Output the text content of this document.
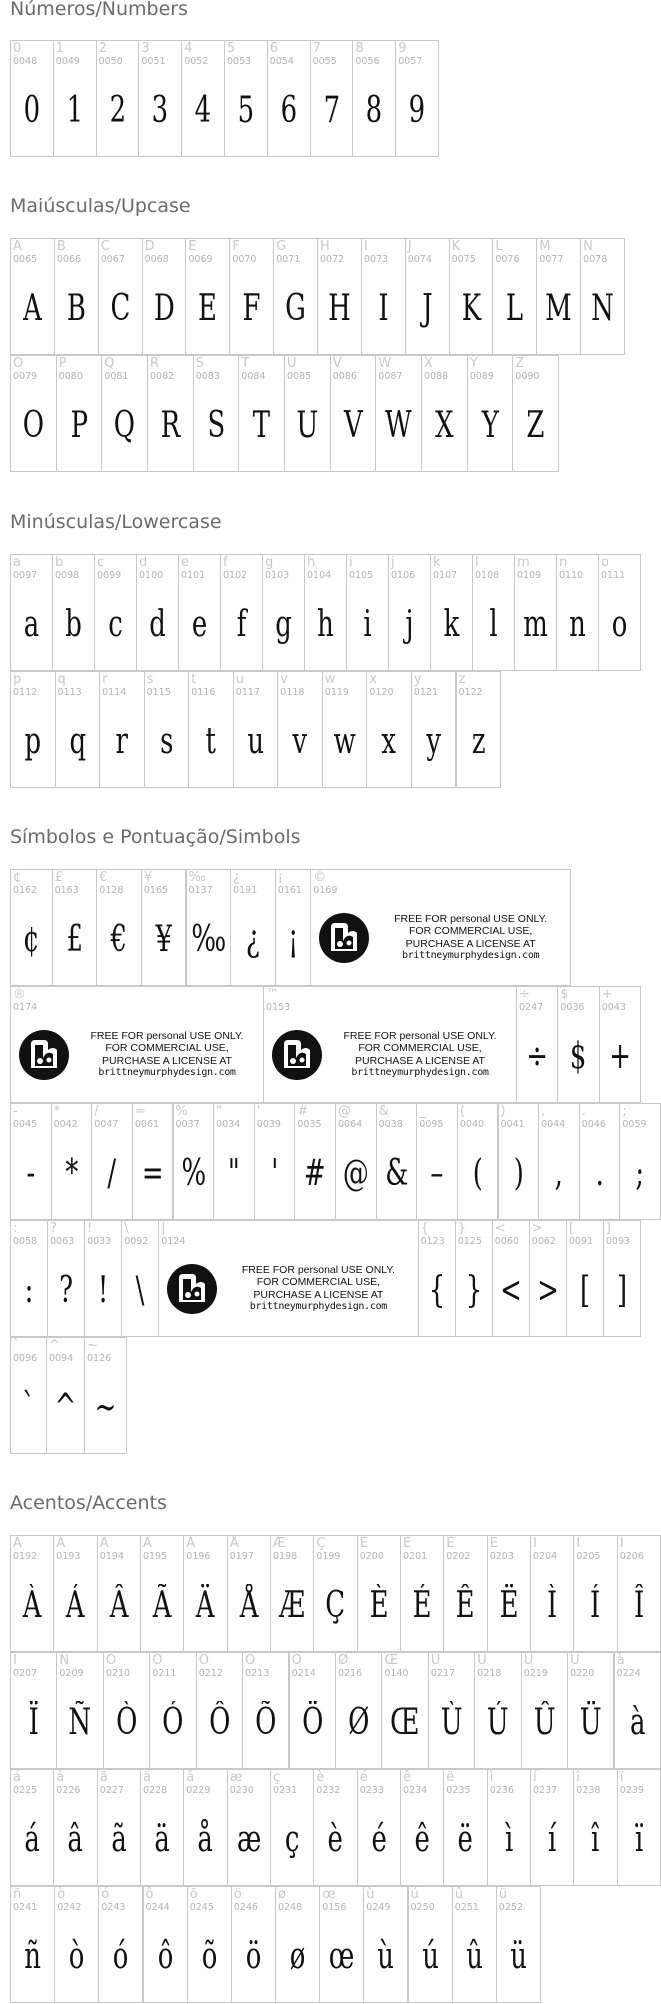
Números/Numbers
Maiúsculas/Upcase
Minúsculas/Lowercase
Símbolos e Pontuação/Simbols
Acentos/Accents
0
0048
0
1
0049
1
2
0050
2
3
0051
3
4
0052
4
5
0053
5
6
0054
6
7
0055
7
8
0056
8
9
0057
9
A
0065
A
B
0066
B
C
0067
C
D
0068
D
E
0069
E
F
0070
F
G
0071
G
H
0072
H
I
0073
I
J
0074
J
K
0075
K
L
0076
L
M
0077
M
N
0078
N
O
0079
O
P
0080
P
Q
0081
Q
R
0082
R
S
0083
S
T
0084
T
U
0085
U
V
0086
V
W
0087
W
X
0088
X
Y
0089
Y
Z
0090
Z
a
0097
a
b
0098
b
c
0099
c
d
0100
d
e
0101
e
f
0102
f
g
0103
g
h
0104
h
i
0105
i
j
0106
j
k
0107
k
l
0108
l
m
0109
m
n
0110
n
o
0111
o
p
0112
p
q
0113
q
r
0114
r
s
0115
s
t
0116
t
u
0117
u
v
0118
v
w
0119
w
x
0120
x
y
0121
y
z
0122
z
¢
0162
¢
£
0163
£
€
0128
€
¥
0165
¥
‰
0137
‰
¿
0191
¿
¡
0161
¡
©
0169
FREE FOR personal USE ONLY.
FOR COMMERCIAL USE,
PURCHASE A LICENSE AT
brittneymurphydesign.com
®
0174
FREE FOR personal USE ONLY.
FOR COMMERCIAL USE,
PURCHASE A LICENSE AT
brittneymurphydesign.com
™
0153
FREE FOR personal USE ONLY.
FOR COMMERCIAL USE,
PURCHASE A LICENSE AT
brittneymurphydesign.com
÷
0247
÷
$
0036
$
+
0043
+
-
0045
-
*
0042
*
/
0047
/
=
0061
=
%
0037
%
"
0034
"
'
0039
'
#
0035
#
@
0064
@
&
0038
&
_
0095
–
(
0040
(
)
0041
)
,
0044
,
.
0046
.
;
0059
;
:
0058
:
?
0063
?
!
0033
!
\
0092
\
|
0124
FREE FOR personal USE ONLY.
FOR COMMERCIAL USE,
PURCHASE A LICENSE AT
brittneymurphydesign.com
{
0123
{
}
0125
}
<
0060
<
>
0062
>
[
0091
[
]
0093
]
`
0096
`
^
0094
^
~
0126
~
À
0192
À
Á
0193
Á
Â
0194
Â
Ã
0195
Ã
Ä
0196
Ä
Å
0197
Å
Æ
0198
Æ
Ç
0199
Ç
È
0200
È
É
0201
É
Ê
0202
Ê
Ë
0203
Ë
Ì
0204
Ì
Í
0205
Í
Î
0206
Î
Ï
0207
Ï
Ñ
0209
Ñ
Ò
0210
Ò
Ó
0211
Ó
Ô
0212
Ô
Õ
0213
Õ
Ö
0214
Ö
Ø
0216
Ø
Œ
0140
Œ
Ù
0217
Ù
Ú
0218
Ú
Û
0219
Û
Ü
0220
Ü
à
0224
à
á
0225
á
â
0226
â
ã
0227
ã
ä
0228
ä
å
0229
å
æ
0230
æ
ç
0231
ç
è
0232
è
é
0233
é
ê
0234
ê
ë
0235
ë
ì
0236
ì
í
0237
í
î
0238
î
ï
0239
ï
ñ
0241
ñ
ò
0242
ò
ó
0243
ó
ô
0244
ô
õ
0245
õ
ö
0246
ö
ø
0248
ø
œ
0156
œ
ù
0249
ù
ú
0250
ú
û
0251
û
ü
0252
ü
